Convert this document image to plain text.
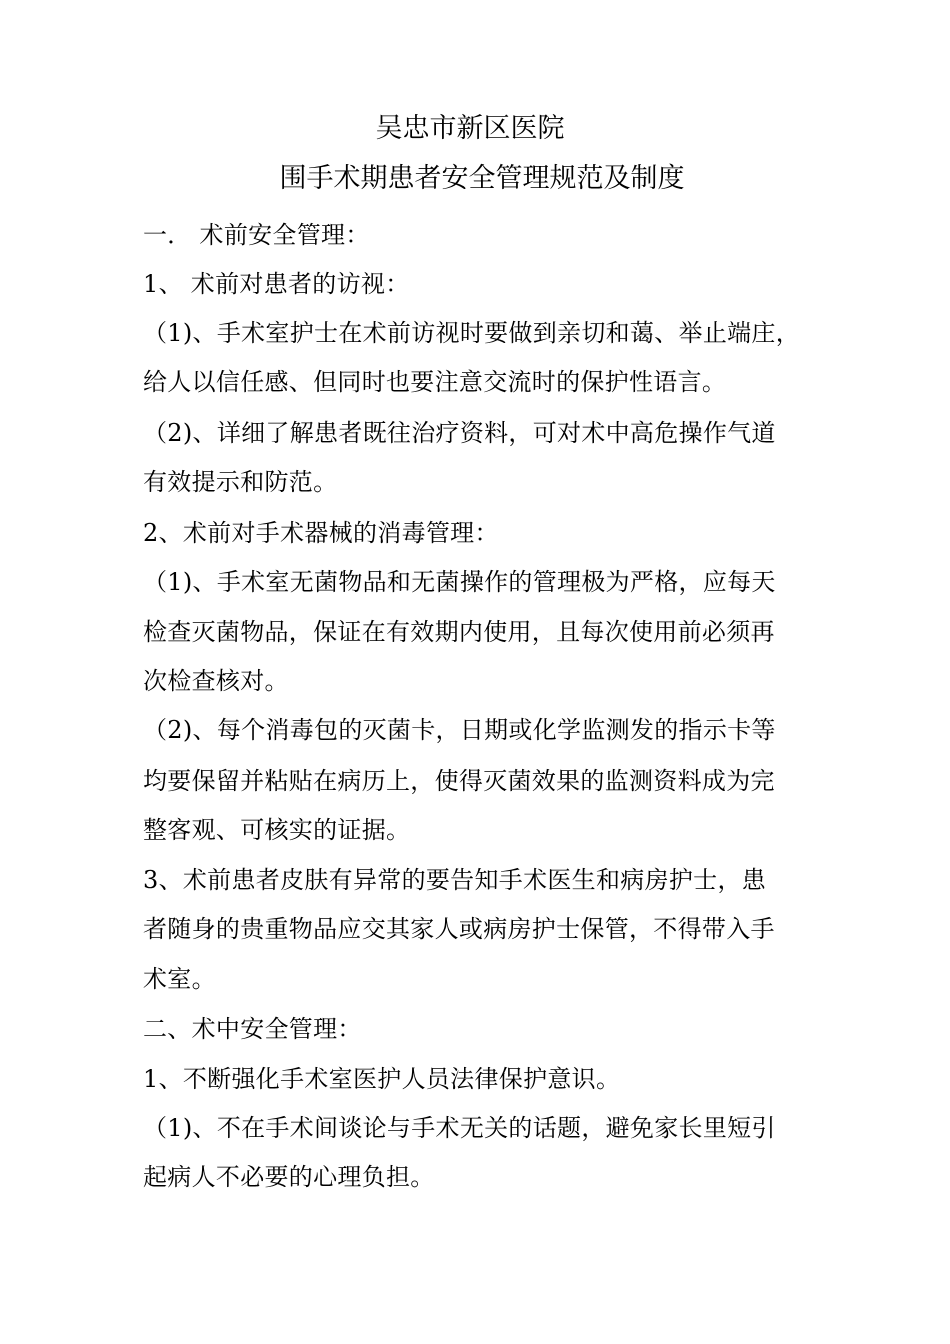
吴忠市新区医院
围手术期患者安全管理规范及制度
一． 术前安全管理：
1、 术前对患者的访视：
（1)、手术室护士在术前访视时要做到亲切和蔼、举止端庄，
给人以信任感、但同时也要注意交流时的保护性语言。
（2)、详细了解患者既往治疗资料，可对术中高危操作气道
有效提示和防范。
2、术前对手术器械的消毒管理：
（1)、手术室无菌物品和无菌操作的管理极为严格，应每天
检查灭菌物品，保证在有效期内使用，且每次使用前必须再
次检查核对。
（2)、每个消毒包的灭菌卡，日期或化学监测发的指示卡等
均要保留并粘贴在病历上，使得灭菌效果的监测资料成为完
整客观、可核实的证据。
3、术前患者皮肤有异常的要告知手术医生和病房护士，患
者随身的贵重物品应交其家人或病房护士保管，不得带入手
术室。
二、术中安全管理：
1、不断强化手术室医护人员法律保护意识。
（1)、不在手术间谈论与手术无关的话题，避免家长里短引
起病人不必要的心理负担。
